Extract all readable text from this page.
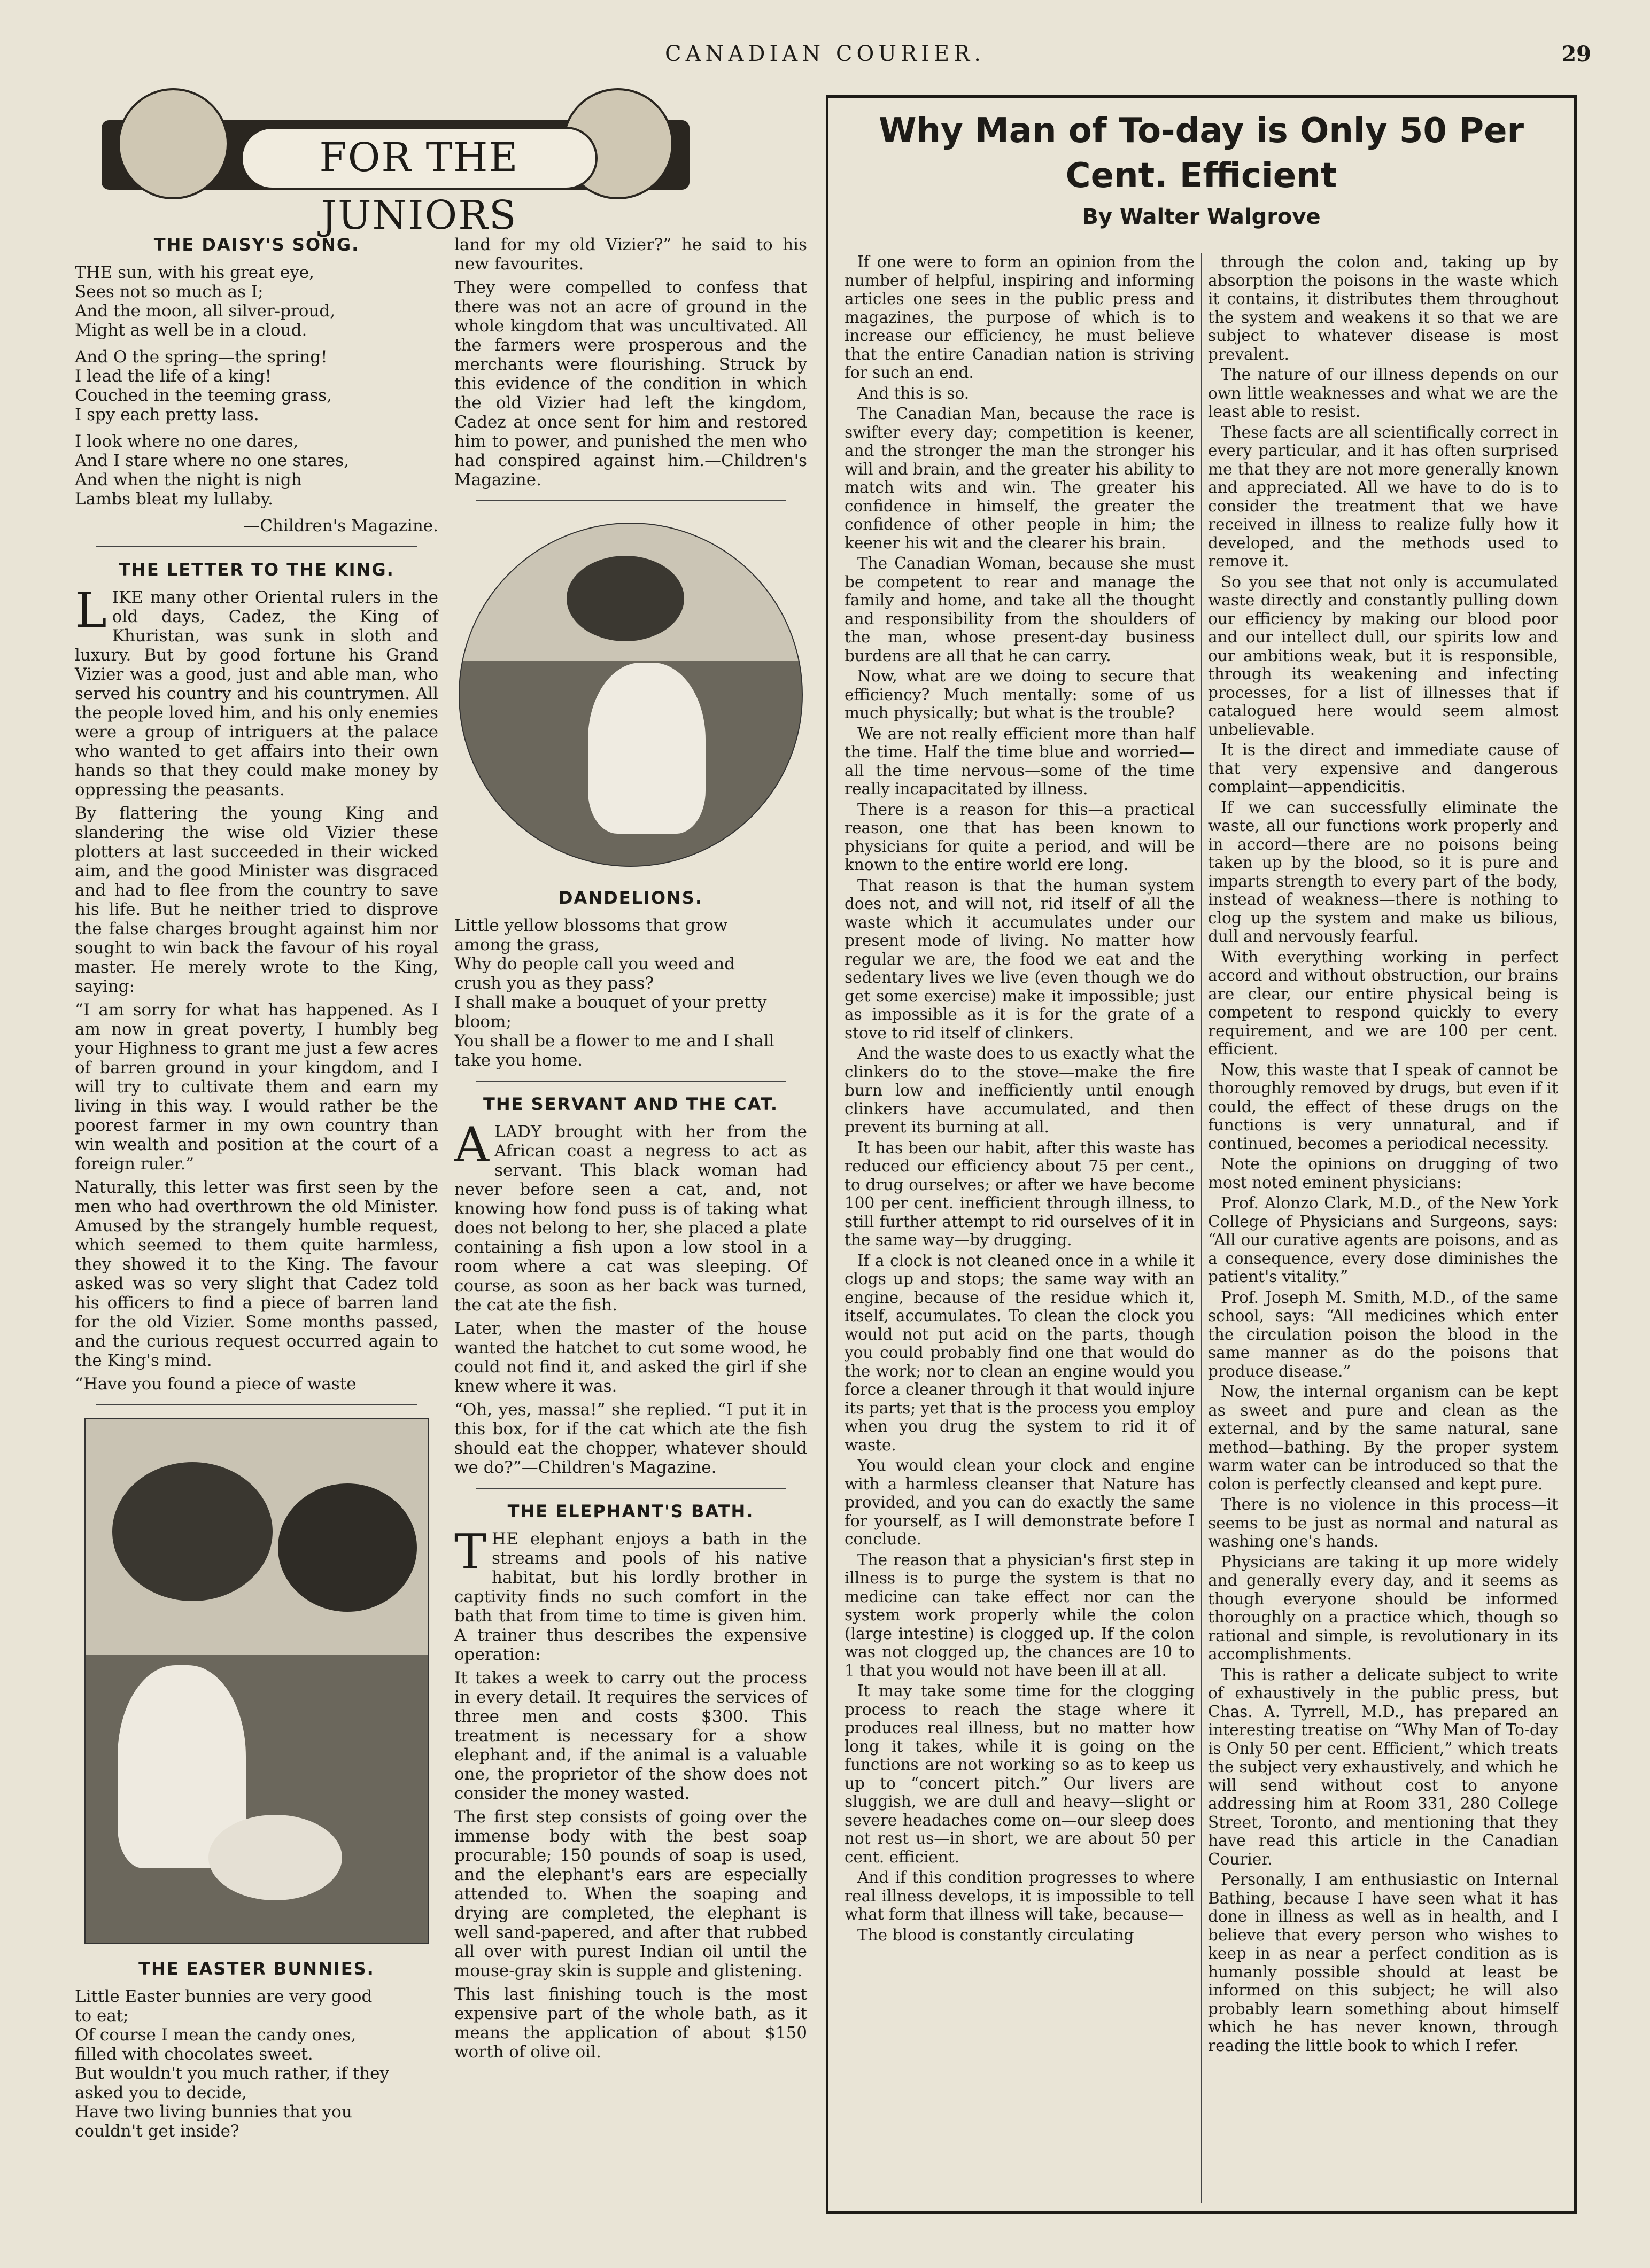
CANADIAN COURIER.	29
FOR THE JUNIORS
THE DAISY'S SONG.
THE sun, with his great eye,
Sees not so much as I;
And the moon, all silver-proud,
Might as well be in a cloud.
And O the spring—the spring!
I lead the life of a king!
Couched in the teeming grass,
I spy each pretty lass.
I look where no one dares,
And I stare where no one stares,
And when the night is nigh
Lambs bleat my lullaby.
—Children's Magazine.
THE LETTER TO THE KING.

LIKE many other Oriental rulers in the old days, Cadez, the King of Khuristan, was sunk in sloth and luxury. But by good fortune his Grand Vizier was a good, just and able man, who served his country and his countrymen. All the people loved him, and his only enemies were a group of intriguers at the palace who wanted to get affairs into their own hands so that they could make money by oppressing the peasants.

By flattering the young King and slandering the wise old Vizier these plotters at last succeeded in their wicked aim, and the good Minister was disgraced and had to flee from the country to save his life. But he neither tried to disprove the false charges brought against him nor sought to win back the favour of his royal master. He merely wrote to the King, saying:

“I am sorry for what has happened. As I am now in great poverty, I humbly beg your Highness to grant me just a few acres of barren ground in your kingdom, and I will try to cultivate them and earn my living in this way. I would rather be the poorest farmer in my own country than win wealth and position at the court of a foreign ruler.”

Naturally, this letter was first seen by the men who had overthrown the old Minister. Amused by the strangely humble request, which seemed to them quite harmless, they showed it to the King. The favour asked was so very slight that Cadez told his officers to find a piece of barren land for the old Vizier. Some months passed, and the curious request occurred again to the King's mind.

“Have you found a piece of waste

THE EASTER BUNNIES.
Little Easter bunnies are very good
to eat;
Of course I mean the candy ones,
filled with chocolates sweet.
But wouldn't you much rather, if they
asked you to decide,
Have two living bunnies that you
couldn't get inside?

land for my old Vizier?” he said to his new favourites.

They were compelled to confess that there was not an acre of ground in the whole kingdom that was uncultivated. All the farmers were prosperous and the merchants were flourishing. Struck by this evidence of the condition in which the old Vizier had left the kingdom, Cadez at once sent for him and restored him to power, and punished the men who had conspired against him.—Children's Magazine.

DANDELIONS.
Little yellow blossoms that grow
among the grass,
Why do people call you weed and
crush you as they pass?
I shall make a bouquet of your pretty
bloom;
You shall be a flower to me and I shall
take you home.
THE SERVANT AND THE CAT.

ALADY brought with her from the African coast a negress to act as servant. This black woman had never before seen a cat, and, not knowing how fond puss is of taking what does not belong to her, she placed a plate containing a fish upon a low stool in a room where a cat was sleeping. Of course, as soon as her back was turned, the cat ate the fish.

Later, when the master of the house wanted the hatchet to cut some wood, he could not find it, and asked the girl if she knew where it was.

“Oh, yes, massa!” she replied. “I put it in this box, for if the cat which ate the fish should eat the chopper, whatever should we do?”—Children's Magazine.

THE ELEPHANT'S BATH.

THE elephant enjoys a bath in the streams and pools of his native habitat, but his lordly brother in captivity finds no such comfort in the bath that from time to time is given him. A trainer thus describes the expensive operation:

It takes a week to carry out the process in every detail. It requires the services of three men and costs $300. This treatment is necessary for a show elephant and, if the animal is a valuable one, the proprietor of the show does not consider the money wasted.

The first step consists of going over the immense body with the best soap procurable; 150 pounds of soap is used, and the elephant's ears are especially attended to. When the soaping and drying are completed, the elephant is well sand-papered, and after that rubbed all over with purest Indian oil until the mouse-gray skin is supple and glistening.

This last finishing touch is the most expensive part of the whole bath, as it means the application of about $150 worth of olive oil.

Why Man of To-day is Only 50 Per Cent. Efficient
By Walter Walgrove

If one were to form an opinion from the number of helpful, inspiring and informing articles one sees in the public press and magazines, the purpose of which is to increase our efficiency, he must believe that the entire Canadian nation is striving for such an end.

And this is so.

The Canadian Man, because the race is swifter every day; competition is keener, and the stronger the man the stronger his will and brain, and the greater his ability to match wits and win. The greater his confidence in himself, the greater the confidence of other people in him; the keener his wit and the clearer his brain.

The Canadian Woman, because she must be competent to rear and manage the family and home, and take all the thought and responsibility from the shoulders of the man, whose present-day business burdens are all that he can carry.

Now, what are we doing to secure that efficiency? Much mentally: some of us much physically; but what is the trouble?

We are not really efficient more than half the time. Half the time blue and worried—all the time nervous—some of the time really incapacitated by illness.

There is a reason for this—a practical reason, one that has been known to physicians for quite a period, and will be known to the entire world ere long.

That reason is that the human system does not, and will not, rid itself of all the waste which it accumulates under our present mode of living. No matter how regular we are, the food we eat and the sedentary lives we live (even though we do get some exercise) make it impossible; just as impossible as it is for the grate of a stove to rid itself of clinkers.

And the waste does to us exactly what the clinkers do to the stove—make the fire burn low and inefficiently until enough clinkers have accumulated, and then prevent its burning at all.

It has been our habit, after this waste has reduced our efficiency about 75 per cent., to drug ourselves; or after we have become 100 per cent. inefficient through illness, to still further attempt to rid ourselves of it in the same way—by drugging.

If a clock is not cleaned once in a while it clogs up and stops; the same way with an engine, because of the residue which it, itself, accumulates. To clean the clock you would not put acid on the parts, though you could probably find one that would do the work; nor to clean an engine would you force a cleaner through it that would injure its parts; yet that is the process you employ when you drug the system to rid it of waste.

You would clean your clock and engine with a harmless cleanser that Nature has provided, and you can do exactly the same for yourself, as I will demonstrate before I conclude.

The reason that a physician's first step in illness is to purge the system is that no medicine can take effect nor can the system work properly while the colon (large intestine) is clogged up. If the colon was not clogged up, the chances are 10 to 1 that you would not have been ill at all.

It may take some time for the clogging process to reach the stage where it produces real illness, but no matter how long it takes, while it is going on the functions are not working so as to keep us up to “concert pitch.” Our livers are sluggish, we are dull and heavy—slight or severe headaches come on—our sleep does not rest us—in short, we are about 50 per cent. efficient.

And if this condition progresses to where real illness develops, it is impossible to tell what form that illness will take, because—

The blood is constantly circulating

through the colon and, taking up by absorption the poisons in the waste which it contains, it distributes them throughout the system and weakens it so that we are subject to whatever disease is most prevalent.

The nature of our illness depends on our own little weaknesses and what we are the least able to resist.

These facts are all scientifically correct in every particular, and it has often surprised me that they are not more generally known and appreciated. All we have to do is to consider the treatment that we have received in illness to realize fully how it developed, and the methods used to remove it.

So you see that not only is accumulated waste directly and constantly pulling down our efficiency by making our blood poor and our intellect dull, our spirits low and our ambitions weak, but it is responsible, through its weakening and infecting processes, for a list of illnesses that if catalogued here would seem almost unbelievable.

It is the direct and immediate cause of that very expensive and dangerous complaint—appendicitis.

If we can successfully eliminate the waste, all our functions work properly and in accord—there are no poisons being taken up by the blood, so it is pure and imparts strength to every part of the body, instead of weakness—there is nothing to clog up the system and make us bilious, dull and nervously fearful.

With everything working in perfect accord and without obstruction, our brains are clear, our entire physical being is competent to respond quickly to every requirement, and we are 100 per cent. efficient.

Now, this waste that I speak of cannot be thoroughly removed by drugs, but even if it could, the effect of these drugs on the functions is very unnatural, and if continued, becomes a periodical necessity.

Note the opinions on drugging of two most noted eminent physicians:

Prof. Alonzo Clark, M.D., of the New York College of Physicians and Surgeons, says: “All our curative agents are poisons, and as a consequence, every dose diminishes the patient's vitality.”

Prof. Joseph M. Smith, M.D., of the same school, says: “All medicines which enter the circulation poison the blood in the same manner as do the poisons that produce disease.”

Now, the internal organism can be kept as sweet and pure and clean as the external, and by the same natural, sane method—bathing. By the proper system warm water can be introduced so that the colon is perfectly cleansed and kept pure.

There is no violence in this process—it seems to be just as normal and natural as washing one's hands.

Physicians are taking it up more widely and generally every day, and it seems as though everyone should be informed thoroughly on a practice which, though so rational and simple, is revolutionary in its accomplishments.

This is rather a delicate subject to write of exhaustively in the public press, but Chas. A. Tyrrell, M.D., has prepared an interesting treatise on “Why Man of To-day is Only 50 per cent. Efficient,” which treats the subject very exhaustively, and which he will send without cost to anyone addressing him at Room 331, 280 College Street, Toronto, and mentioning that they have read this article in the Canadian Courier.

Personally, I am enthusiastic on Internal Bathing, because I have seen what it has done in illness as well as in health, and I believe that every person who wishes to keep in as near a perfect condition as is humanly possible should at least be informed on this subject; he will also probably learn something about himself which he has never known, through reading the little book to which I refer.
